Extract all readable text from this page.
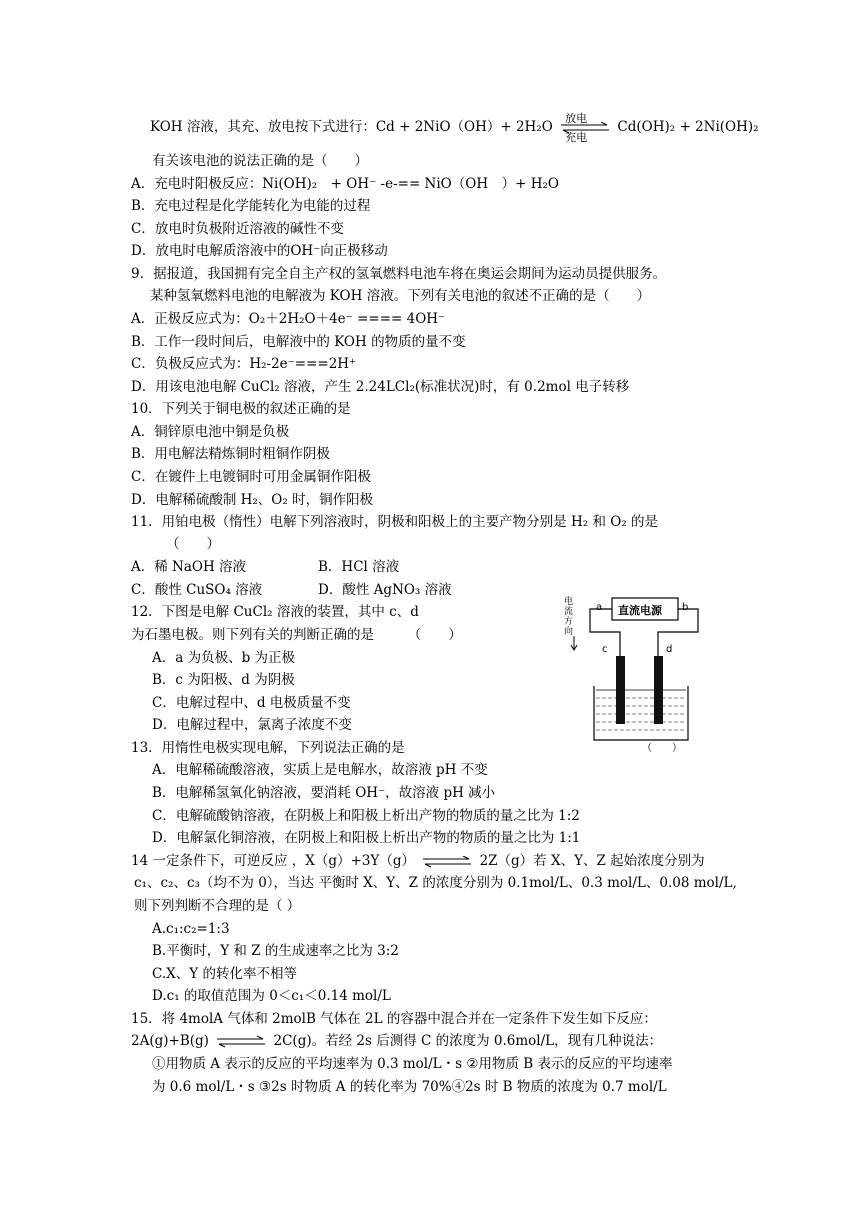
KOH 溶液，其充、放电按下式进行：Cd + 2NiO（OH）+ 2H₂O
放电
充电
Cd(OH)₂ + 2Ni(OH)₂
有关该电池的说法正确的是（　　）
A．充电时阳极反应：Ni(OH)₂　+ OH⁻ -e-== NiO（OH　）+ H₂O
B．充电过程是化学能转化为电能的过程
C．放电时负极附近溶液的碱性不变
D．放电时电解质溶液中的OH⁻向正极移动
9．据报道，我国拥有完全自主产权的氢氧燃料电池车将在奥运会期间为运动员提供服务。
某种氢氧燃料电池的电解液为 KOH 溶液。下列有关电池的叙述不正确的是（　　）
A．正极反应式为：O₂＋2H₂O＋4e⁻ ==== 4OH⁻
B．工作一段时间后，电解液中的 KOH 的物质的量不变
C．负极反应式为：H₂-2e⁻===2H⁺
D．用该电池电解 CuCl₂ 溶液，产生 2.24LCl₂(标准状况)时，有 0.2mol 电子转移
10．下列关于铜电极的叙述正确的是
A．铜锌原电池中铜是负极
B．用电解法精炼铜时粗铜作阴极
C．在镀件上电镀铜时可用金属铜作阳极
D．电解稀硫酸制 H₂、O₂ 时，铜作阳极
11．用铂电极（惰性）电解下列溶液时，阴极和阳极上的主要产物分别是 H₂ 和 O₂ 的是
（　　）
A．稀 NaOH 溶液	B．HCl 溶液
C．酸性 CuSO₄ 溶液	D．酸性 AgNO₃ 溶液
12．下图是电解 CuCl₂ 溶液的装置，其中 c、d
为石墨电极。则下列有关的判断正确的是　　　（　　）
A．a 为负极、b 为正极
B．c 为阳极、d 为阴极
C．电解过程中、d 电极质量不变
D．电解过程中，氯离子浓度不变
电流方向
直流电源
a	b
c	d
（　　）
13．用惰性电极实现电解，下列说法正确的是
A．电解稀硫酸溶液，实质上是电解水，故溶液 pH 不变
B．电解稀氢氧化钠溶液，要消耗 OH⁻，故溶液 pH 减小
C．电解硫酸钠溶液，在阴极上和阳极上析出产物的物质的量之比为 1:2
D．电解氯化铜溶液，在阴极上和阳极上析出产物的物质的量之比为 1:1
14 一定条件下，可逆反应 ，X（g）+3Y（g）	2Z（g）若 X、Y、Z 起始浓度分别为
c₁、c₂、c₃（均不为 0），当达 平衡时 X、Y、Z 的浓度分别为 0.1mol/L、0.3 mol/L、0.08 mol/L,
则下列判断不合理的是（ ）
A.c₁:c₂=1:3
B.平衡时，Y 和 Z 的生成速率之比为 3:2
C.X、Y 的转化率不相等
D.c₁ 的取值范围为 0＜c₁＜0.14 mol/L
15．将 4molA 气体和 2molB 气体在 2L 的容器中混合并在一定条件下发生如下反应：
2A(g)+B(g)	2C(g)。若经 2s 后测得 C 的浓度为 0.6mol/L，现有几种说法：
①用物质 A 表示的反应的平均速率为 0.3 mol/L・s ②用物质 B 表示的反应的平均速率
为 0.6 mol/L・s ③2s 时物质 A 的转化率为 70%④2s 时 B 物质的浓度为 0.7 mol/L
